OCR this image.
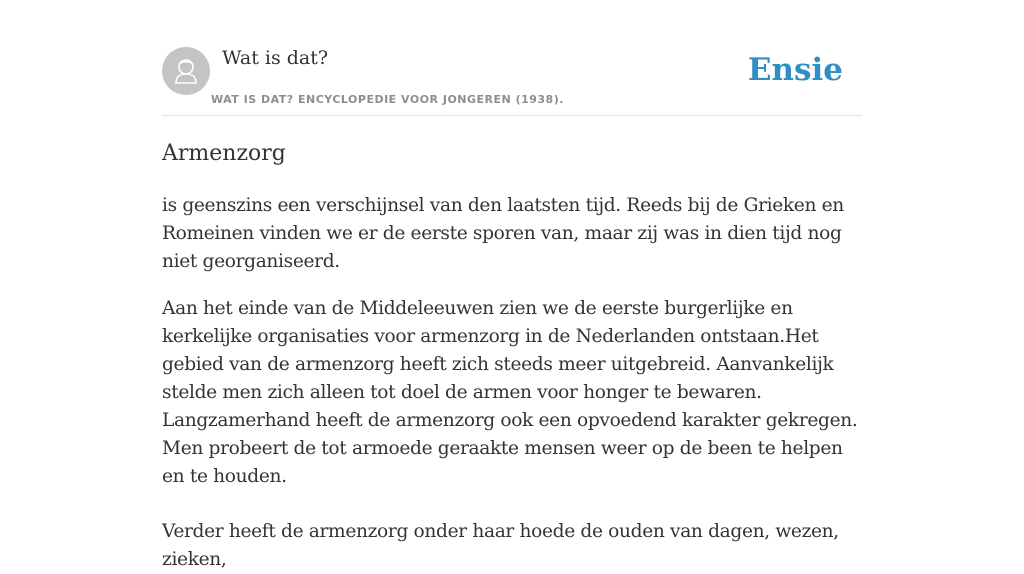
Wat is dat?
WAT IS DAT? ENCYCLOPEDIE VOOR JONGEREN (1938).
Ensie
Armenzorg

is geenszins een verschijnsel van den laatsten tijd. Reeds bij de Grieken en Romeinen vinden we er de eerste sporen van, maar zij was in dien tijd nog niet georganiseerd.

Aan het einde van de Middeleeuwen zien we de eerste burgerlijke en kerkelijke organisaties voor armenzorg in de Nederlanden ontstaan.Het gebied van de armenzorg heeft zich steeds meer uitgebreid. Aanvankelijk stelde men zich alleen tot doel de armen voor honger te bewaren. Langzamerhand heeft de armenzorg ook een opvoedend karakter gekregen. Men probeert de tot armoede geraakte mensen weer op de been te helpen en te houden.

Verder heeft de armenzorg onder haar hoede de ouden van dagen, wezen, zieken,
